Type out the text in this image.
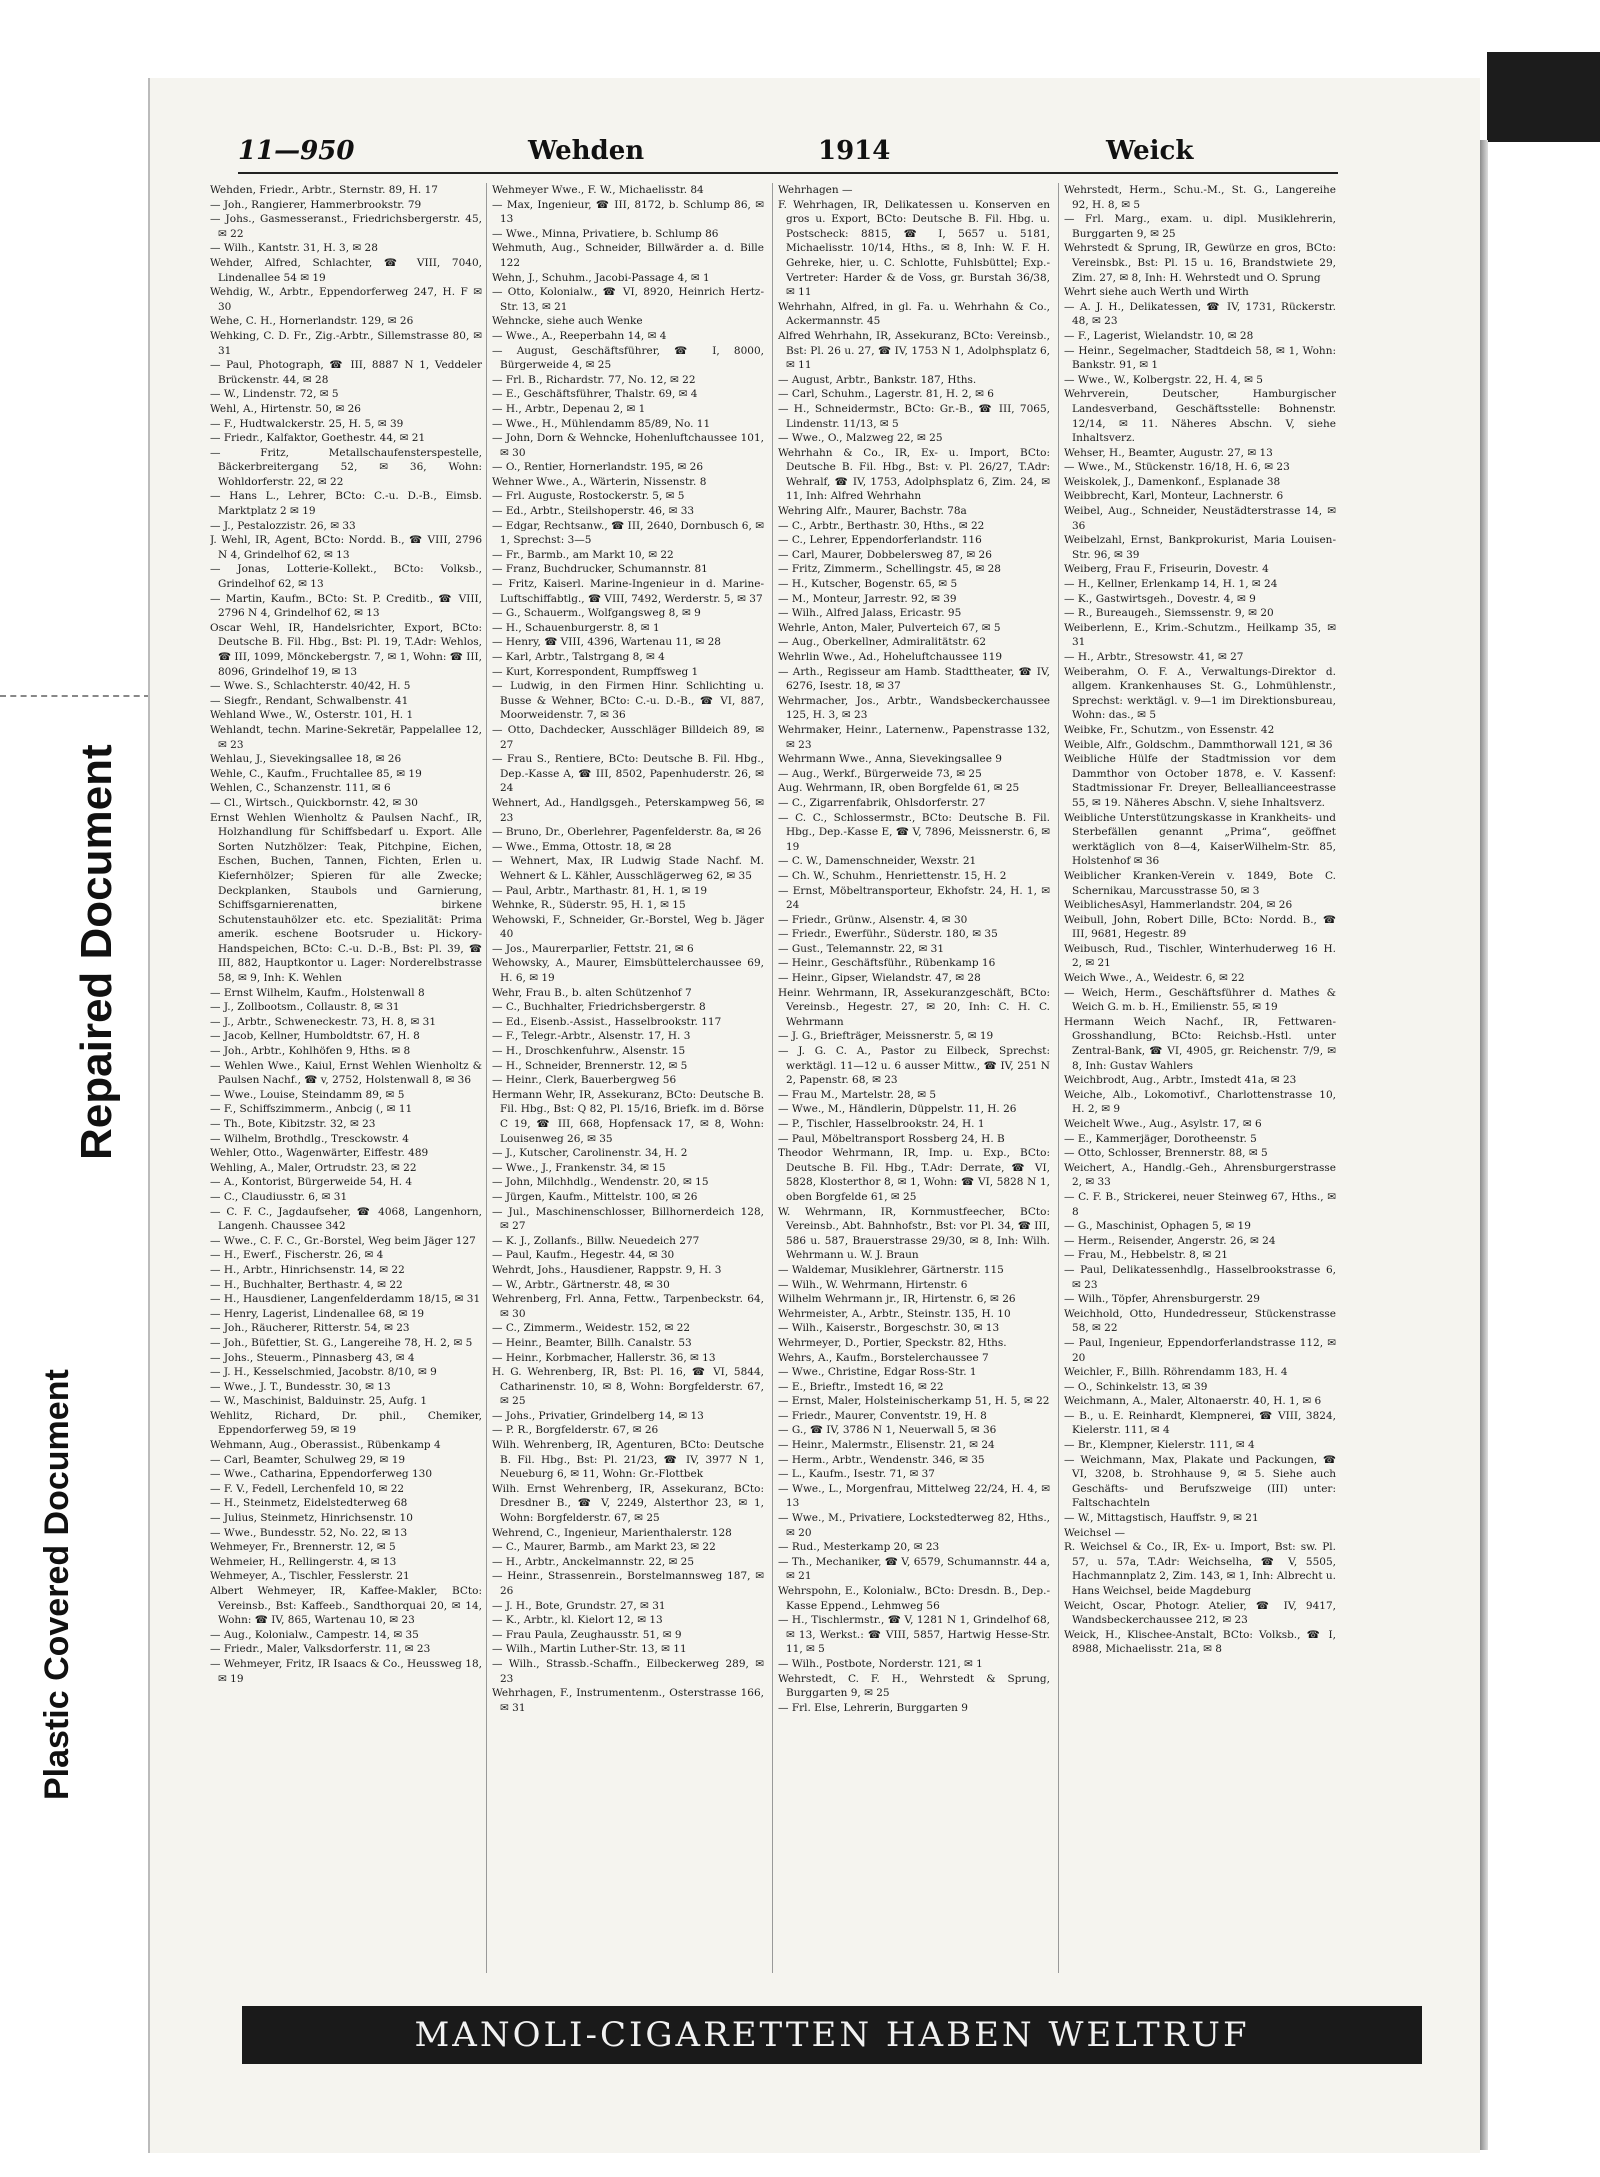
Repaired Document
Plastic Covered Document
11—950	Wehden	1914	Weick

Wehden, Friedr., Arbtr., Sternstr. 89, H. 17

— Joh., Rangierer, Hammerbrookstr. 79

— Johs., Gasmesseranst., Friedrichsbergerstr. 45, ✉ 22

— Wilh., Kantstr. 31, H. 3, ✉ 28

Wehder, Alfred, Schlachter, ☎ VIII, 7040, Lindenallee 54 ✉ 19

Wehdig, W., Arbtr., Eppendorferweg 247, H. F ✉ 30

Wehe, C. H., Hornerlandstr. 129, ✉ 26

Wehking, C. D. Fr., Zig.-Arbtr., Sillemstrasse 80, ✉ 31

— Paul, Photograph, ☎ III, 8887 N 1, Veddeler Brückenstr. 44, ✉ 28

— W., Lindenstr. 72, ✉ 5

Wehl, A., Hirtenstr. 50, ✉ 26

— F., Hudtwalckerstr. 25, H. 5, ✉ 39

— Friedr., Kalfaktor, Goethestr. 44, ✉ 21

— Fritz, Metallschaufensterspestelle, Bäckerbreitergang 52, ✉ 36, Wohn: Wohldorferstr. 22, ✉ 22

— Hans L., Lehrer, BCto: C.-u. D.-B., Eimsb. Marktplatz 2 ✉ 19

— J., Pestalozzistr. 26, ✉ 33

J. Wehl, IR, Agent, BCto: Nordd. B., ☎ VIII, 2796 N 4, Grindelhof 62, ✉ 13

— Jonas, Lotterie-Kollekt., BCto: Volksb., Grindelhof 62, ✉ 13

— Martin, Kaufm., BCto: St. P. Creditb., ☎ VIII, 2796 N 4, Grindelhof 62, ✉ 13

Oscar Wehl, IR, Handelsrichter, Export, BCto: Deutsche B. Fil. Hbg., Bst: Pl. 19, T.Adr: Wehlos, ☎ III, 1099, Mönckebergstr. 7, ✉ 1, Wohn: ☎ III, 8096, Grindelhof 19, ✉ 13

— Wwe. S., Schlachterstr. 40/42, H. 5

— Siegfr., Rendant, Schwalbenstr. 41

Wehland Wwe., W., Osterstr. 101, H. 1

Wehlandt, techn. Marine-Sekretär, Pappelallee 12, ✉ 23

Wehlau, J., Sievekingsallee 18, ✉ 26

Wehle, C., Kaufm., Fruchtallee 85, ✉ 19

Wehlen, C., Schanzenstr. 111, ✉ 6

— Cl., Wirtsch., Quickbornstr. 42, ✉ 30

Ernst Wehlen Wienholtz & Paulsen Nachf., IR, Holzhandlung für Schiffsbedarf u. Export. Alle Sorten Nutzhölzer: Teak, Pitchpine, Eichen, Eschen, Buchen, Tannen, Fichten, Erlen u. Kiefernhölzer; Spieren für alle Zwecke; Deckplanken, Staubols und Garnierung, Schiffsgarnierenatten, birkene Schutenstauhölzer etc. etc. Spezialität: Prima amerik. eschene Bootsruder u. Hickory-Handspeichen, BCto: C.-u. D.-B., Bst: Pl. 39, ☎ III, 882, Hauptkontor u. Lager: Norderelbstrasse 58, ✉ 9, Inh: K. Wehlen

— Ernst Wilhelm, Kaufm., Holstenwall 8

— J., Zollbootsm., Collaustr. 8, ✉ 31

— J., Arbtr., Schweneckestr. 73, H. 8, ✉ 31

— Jacob, Kellner, Humboldtstr. 67, H. 8

— Joh., Arbtr., Kohlhöfen 9, Hths. ✉ 8

— Wehlen Wwe., Kaiul, Ernst Wehlen Wienholtz & Paulsen Nachf., ☎ v, 2752, Holstenwall 8, ✉ 36

— Wwe., Louise, Steindamm 89, ✉ 5

— F., Schiffszimmerm., Anbcig (, ✉ 11

— Th., Bote, Kibitzstr. 32, ✉ 23

— Wilhelm, Brothdlg., Tresckowstr. 4

Wehler, Otto., Wagenwärter, Eiffestr. 489

Wehling, A., Maler, Ortrudstr. 23, ✉ 22

— A., Kontorist, Bürgerweide 54, H. 4

— C., Claudiusstr. 6, ✉ 31

— C. F. C., Jagdaufseher, ☎ 4068, Langenhorn, Langenh. Chaussee 342

— Wwe., C. F. C., Gr.-Borstel, Weg beim Jäger 127

— H., Ewerf., Fischerstr. 26, ✉ 4

— H., Arbtr., Hinrichsenstr. 14, ✉ 22

— H., Buchhalter, Berthastr. 4, ✉ 22

— H., Hausdiener, Langenfelderdamm 18/15, ✉ 31

— Henry, Lagerist, Lindenallee 68, ✉ 19

— Joh., Räucherer, Ritterstr. 54, ✉ 23

— Joh., Büfettier, St. G., Langereihe 78, H. 2, ✉ 5

— Johs., Steuerm., Pinnasberg 43, ✉ 4

— J. H., Kesselschmied, Jacobstr. 8/10, ✉ 9

— Wwe., J. T., Bundesstr. 30, ✉ 13

— W., Maschinist, Balduinstr. 25, Aufg. 1

Wehlitz, Richard, Dr. phil., Chemiker, Eppendorferweg 59, ✉ 19

Wehmann, Aug., Oberassist., Rübenkamp 4

— Carl, Beamter, Schulweg 29, ✉ 19

— Wwe., Catharina, Eppendorferweg 130

— F. V., Fedell, Lerchenfeld 10, ✉ 22

— H., Steinmetz, Eidelstedterweg 68

— Julius, Steinmetz, Hinrichsenstr. 10

— Wwe., Bundesstr. 52, No. 22, ✉ 13

Wehmeyer, Fr., Brennerstr. 12, ✉ 5

Wehmeier, H., Rellingerstr. 4, ✉ 13

Wehmeyer, A., Tischler, Fesslerstr. 21

Albert Wehmeyer, IR, Kaffee-Makler, BCto: Vereinsb., Bst: Kaffeeb., Sandthorquai 20, ✉ 14, Wohn: ☎ IV, 865, Wartenau 10, ✉ 23

— Aug., Kolonialw., Campestr. 14, ✉ 35

— Friedr., Maler, Valksdorferstr. 11, ✉ 23

— Wehmeyer, Fritz, IR Isaacs & Co., Heussweg 18, ✉ 19

Wehmeyer Wwe., F. W., Michaelisstr. 84

— Max, Ingenieur, ☎ III, 8172, b. Schlump 86, ✉ 13

— Wwe., Minna, Privatiere, b. Schlump 86

Wehmuth, Aug., Schneider, Billwärder a. d. Bille 122

Wehn, J., Schuhm., Jacobi-Passage 4, ✉ 1

— Otto, Kolonialw., ☎ VI, 8920, Heinrich Hertz-Str. 13, ✉ 21

Wehncke, siehe auch Wenke

— Wwe., A., Reeperbahn 14, ✉ 4

— August, Geschäftsführer, ☎ I, 8000, Bürgerweide 4, ✉ 25

— Frl. B., Richardstr. 77, No. 12, ✉ 22

— E., Geschäftsführer, Thalstr. 69, ✉ 4

— H., Arbtr., Depenau 2, ✉ 1

— Wwe., H., Mühlendamm 85/89, No. 11

— John, Dorn & Wehncke, Hohenluftchaussee 101, ✉ 30

— O., Rentier, Hornerlandstr. 195, ✉ 26

Wehner Wwe., A., Wärterin, Nissenstr. 8

— Frl. Auguste, Rostockerstr. 5, ✉ 5

— Ed., Arbtr., Steilshoperstr. 46, ✉ 33

— Edgar, Rechtsanw., ☎ III, 2640, Dornbusch 6, ✉ 1, Sprechst: 3—5

— Fr., Barmb., am Markt 10, ✉ 22

— Franz, Buchdrucker, Schumannstr. 81

— Fritz, Kaiserl. Marine-Ingenieur in d. Marine-Luftschiffabtlg., ☎ VIII, 7492, Werderstr. 5, ✉ 37

— G., Schauerm., Wolfgangsweg 8, ✉ 9

— H., Schauenburgerstr. 8, ✉ 1

— Henry, ☎ VIII, 4396, Wartenau 11, ✉ 28

— Karl, Arbtr., Talstrgang 8, ✉ 4

— Kurt, Korrespondent, Rumpffsweg 1

— Ludwig, in den Firmen Hinr. Schlichting u. Busse & Wehner, BCto: C.-u. D.-B., ☎ VI, 887, Moorweidenstr. 7, ✉ 36

— Otto, Dachdecker, Ausschläger Billdeich 89, ✉ 27

— Frau S., Rentiere, BCto: Deutsche B. Fil. Hbg., Dep.-Kasse A, ☎ III, 8502, Papenhuderstr. 26, ✉ 24

Wehnert, Ad., Handlgsgeh., Peterskampweg 56, ✉ 23

— Bruno, Dr., Oberlehrer, Pagenfelderstr. 8a, ✉ 26

— Wwe., Emma, Ottostr. 18, ✉ 28

— Wehnert, Max, IR Ludwig Stade Nachf. M. Wehnert & L. Kähler, Ausschlägerweg 62, ✉ 35

— Paul, Arbtr., Marthastr. 81, H. 1, ✉ 19

Wehnke, R., Süderstr. 95, H. 1, ✉ 15

Wehowski, F., Schneider, Gr.-Borstel, Weg b. Jäger 40

— Jos., Maurerparlier, Fettstr. 21, ✉ 6

Wehowsky, A., Maurer, Eimsbüttelerchaussee 69, H. 6, ✉ 19

Wehr, Frau B., b. alten Schützenhof 7

— C., Buchhalter, Friedrichsbergerstr. 8

— Ed., Eisenb.-Assist., Hasselbrookstr. 117

— F., Telegr.-Arbtr., Alsenstr. 17, H. 3

— H., Droschkenfuhrw., Alsenstr. 15

— H., Schneider, Brennerstr. 12, ✉ 5

— Heinr., Clerk, Bauerbergweg 56

Hermann Wehr, IR, Assekuranz, BCto: Deutsche B. Fil. Hbg., Bst: Q 82, Pl. 15/16, Briefk. im d. Börse C 19, ☎ III, 668, Hopfensack 17, ✉ 8, Wohn: Louisenweg 26, ✉ 35

— J., Kutscher, Carolinenstr. 34, H. 2

— Wwe., J., Frankenstr. 34, ✉ 15

— John, Milchhdlg., Wendenstr. 20, ✉ 15

— Jürgen, Kaufm., Mittelstr. 100, ✉ 26

— Jul., Maschinenschlosser, Billhornerdeich 128, ✉ 27

— K. J., Zollanfs., Billw. Neuedeich 277

— Paul, Kaufm., Hegestr. 44, ✉ 30

Wehrdt, Johs., Hausdiener, Rappstr. 9, H. 3

— W., Arbtr., Gärtnerstr. 48, ✉ 30

Wehrenberg, Frl. Anna, Fettw., Tarpenbeckstr. 64, ✉ 30

— C., Zimmerm., Weidestr. 152, ✉ 22

— Heinr., Beamter, Billh. Canalstr. 53

— Heinr., Korbmacher, Hallerstr. 36, ✉ 13

H. G. Wehrenberg, IR, Bst: Pl. 16, ☎ VI, 5844, Catharinenstr. 10, ✉ 8, Wohn: Borgfelderstr. 67, ✉ 25

— Johs., Privatier, Grindelberg 14, ✉ 13

— P. R., Borgfelderstr. 67, ✉ 26

Wilh. Wehrenberg, IR, Agenturen, BCto: Deutsche B. Fil. Hbg., Bst: Pl. 21/23, ☎ IV, 3977 N 1, Neueburg 6, ✉ 11, Wohn: Gr.-Flottbek

Wilh. Ernst Wehrenberg, IR, Assekuranz, BCto: Dresdner B., ☎ V, 2249, Alsterthor 23, ✉ 1, Wohn: Borgfelderstr. 67, ✉ 25

Wehrend, C., Ingenieur, Marienthalerstr. 128

— C., Maurer, Barmb., am Markt 23, ✉ 22

— H., Arbtr., Anckelmannstr. 22, ✉ 25

— Heinr., Strassenrein., Borstelmannsweg 187, ✉ 26

— J. H., Bote, Grundstr. 27, ✉ 31

— K., Arbtr., kl. Kielort 12, ✉ 13

— Frau Paula, Zeughausstr. 51, ✉ 9

— Wilh., Martin Luther-Str. 13, ✉ 11

— Wilh., Strassb.-Schaffn., Eilbeckerweg 289, ✉ 23

Wehrhagen, F., Instrumentenm., Osterstrasse 166, ✉ 31

Wehrhagen —

F. Wehrhagen, IR, Delikatessen u. Konserven en gros u. Export, BCto: Deutsche B. Fil. Hbg. u. Postscheck: 8815, ☎ I, 5657 u. 5181, Michaelisstr. 10/14, Hths., ✉ 8, Inh: W. F. H. Gehreke, hier, u. C. Schlotte, Fuhlsbüttel; Exp.-Vertreter: Harder & de Voss, gr. Burstah 36/38, ✉ 11

Wehrhahn, Alfred, in gl. Fa. u. Wehrhahn & Co., Ackermannstr. 45

Alfred Wehrhahn, IR, Assekuranz, BCto: Vereinsb., Bst: Pl. 26 u. 27, ☎ IV, 1753 N 1, Adolphsplatz 6, ✉ 11

— August, Arbtr., Bankstr. 187, Hths.

— Carl, Schuhm., Lagerstr. 81, H. 2, ✉ 6

— H., Schneidermstr., BCto: Gr.-B., ☎ III, 7065, Lindenstr. 11/13, ✉ 5

— Wwe., O., Malzweg 22, ✉ 25

Wehrhahn & Co., IR, Ex- u. Import, BCto: Deutsche B. Fil. Hbg., Bst: v. Pl. 26/27, T.Adr: Wehralf, ☎ IV, 1753, Adolphsplatz 6, Zim. 24, ✉ 11, Inh: Alfred Wehrhahn

Wehring Alfr., Maurer, Bachstr. 78a

— C., Arbtr., Berthastr. 30, Hths., ✉ 22

— C., Lehrer, Eppendorferlandstr. 116

— Carl, Maurer, Dobbelersweg 87, ✉ 26

— Fritz, Zimmerm., Schellingstr. 45, ✉ 28

— H., Kutscher, Bogenstr. 65, ✉ 5

— M., Monteur, Jarrestr. 92, ✉ 39

— Wilh., Alfred Jalass, Ericastr. 95

Wehrle, Anton, Maler, Pulverteich 67, ✉ 5

— Aug., Oberkellner, Admiralitätstr. 62

Wehrlin Wwe., Ad., Hoheluftchaussee 119

— Arth., Regisseur am Hamb. Stadttheater, ☎ IV, 6276, Isestr. 18, ✉ 37

Wehrmacher, Jos., Arbtr., Wandsbeckerchaussee 125, H. 3, ✉ 23

Wehrmaker, Heinr., Laternenw., Papenstrasse 132, ✉ 23

Wehrmann Wwe., Anna, Sievekingsallee 9

— Aug., Werkf., Bürgerweide 73, ✉ 25

Aug. Wehrmann, IR, oben Borgfelde 61, ✉ 25

— C., Zigarrenfabrik, Ohlsdorferstr. 27

— C. C., Schlossermstr., BCto: Deutsche B. Fil. Hbg., Dep.-Kasse E, ☎ V, 7896, Meissnerstr. 6, ✉ 19

— C. W., Damenschneider, Wexstr. 21

— Ch. W., Schuhm., Henriettenstr. 15, H. 2

— Ernst, Möbeltransporteur, Ekhofstr. 24, H. 1, ✉ 24

— Friedr., Grünw., Alsenstr. 4, ✉ 30

— Friedr., Ewerführ., Süderstr. 180, ✉ 35

— Gust., Telemannstr. 22, ✉ 31

— Heinr., Geschäftsführ., Rübenkamp 16

— Heinr., Gipser, Wielandstr. 47, ✉ 28

Heinr. Wehrmann, IR, Assekuranzgeschäft, BCto: Vereinsb., Hegestr. 27, ✉ 20, Inh: C. H. C. Wehrmann

— J. G., Briefträger, Meissnerstr. 5, ✉ 19

— J. G. C. A., Pastor zu Eilbeck, Sprechst: werktägl. 11—12 u. 6 ausser Mittw., ☎ IV, 251 N 2, Papenstr. 68, ✉ 23

— Frau M., Martelstr. 28, ✉ 5

— Wwe., M., Händlerin, Düppelstr. 11, H. 26

— P., Tischler, Hasselbrookstr. 24, H. 1

— Paul, Möbeltransport Rossberg 24, H. B

Theodor Wehrmann, IR, Imp. u. Exp., BCto: Deutsche B. Fil. Hbg., T.Adr: Derrate, ☎ VI, 5828, Klosterthor 8, ✉ 1, Wohn: ☎ VI, 5828 N 1, oben Borgfelde 61, ✉ 25

W. Wehrmann, IR, Kornmustfeecher, BCto: Vereinsb., Abt. Bahnhofstr., Bst: vor Pl. 34, ☎ III, 586 u. 587, Brauerstrasse 29/30, ✉ 8, Inh: Wilh. Wehrmann u. W. J. Braun

— Waldemar, Musiklehrer, Gärtnerstr. 115

— Wilh., W. Wehrmann, Hirtenstr. 6

Wilhelm Wehrmann jr., IR, Hirtenstr. 6, ✉ 26

Wehrmeister, A., Arbtr., Steinstr. 135, H. 10

— Wilh., Kaiserstr., Borgeschstr. 30, ✉ 13

Wehrmeyer, D., Portier, Speckstr. 82, Hths.

Wehrs, A., Kaufm., Borstelerchaussee 7

— Wwe., Christine, Edgar Ross-Str. 1

— E., Brieftr., Imstedt 16, ✉ 22

— Ernst, Maler, Holsteinischerkamp 51, H. 5, ✉ 22

— Friedr., Maurer, Conventstr. 19, H. 8

— G., ☎ IV, 3786 N 1, Neuerwall 5, ✉ 36

— Heinr., Malermstr., Elisenstr. 21, ✉ 24

— Herm., Arbtr., Wendenstr. 346, ✉ 35

— L., Kaufm., Isestr. 71, ✉ 37

— Wwe., L., Morgenfrau, Mittelweg 22/24, H. 4, ✉ 13

— Wwe., M., Privatiere, Lockstedterweg 82, Hths., ✉ 20

— Rud., Mesterkamp 20, ✉ 23

— Th., Mechaniker, ☎ V, 6579, Schumannstr. 44 a, ✉ 21

Wehrspohn, E., Kolonialw., BCto: Dresdn. B., Dep.-Kasse Eppend., Lehmweg 56

— H., Tischlermstr., ☎ V, 1281 N 1, Grindelhof 68, ✉ 13, Werkst.: ☎ VIII, 5857, Hartwig Hesse-Str. 11, ✉ 5

— Wilh., Postbote, Norderstr. 121, ✉ 1

Wehrstedt, C. F. H., Wehrstedt & Sprung, Burggarten 9, ✉ 25

— Frl. Else, Lehrerin, Burggarten 9

Wehrstedt, Herm., Schu.-M., St. G., Langereihe 92, H. 8, ✉ 5

— Frl. Marg., exam. u. dipl. Musiklehrerin, Burggarten 9, ✉ 25

Wehrstedt & Sprung, IR, Gewürze en gros, BCto: Vereinsbk., Bst: Pl. 15 u. 16, Brandstwiete 29, Zim. 27, ✉ 8, Inh: H. Wehrstedt und O. Sprung

Wehrt siehe auch Werth und Wirth

— A. J. H., Delikatessen, ☎ IV, 1731, Rückerstr. 48, ✉ 23

— F., Lagerist, Wielandstr. 10, ✉ 28

— Heinr., Segelmacher, Stadtdeich 58, ✉ 1, Wohn: Bankstr. 91, ✉ 1

— Wwe., W., Kolbergstr. 22, H. 4, ✉ 5

Wehrverein, Deutscher, Hamburgischer Landesverband, Geschäftsstelle: Bohnenstr. 12/14, ✉ 11. Näheres Abschn. V, siehe Inhaltsverz.

Wehser, H., Beamter, Augustr. 27, ✉ 13

— Wwe., M., Stückenstr. 16/18, H. 6, ✉ 23

Weiskolek, J., Damenkonf., Esplanade 38

Weibbrecht, Karl, Monteur, Lachnerstr. 6

Weibel, Aug., Schneider, Neustädterstrasse 14, ✉ 36

Weibelzahl, Ernst, Bankprokurist, Maria Louisen-Str. 96, ✉ 39

Weiberg, Frau F., Friseurin, Dovestr. 4

— H., Kellner, Erlenkamp 14, H. 1, ✉ 24

— K., Gastwirtsgeh., Dovestr. 4, ✉ 9

— R., Bureaugeh., Siemssenstr. 9, ✉ 20

Weiberlenn, E., Krim.-Schutzm., Heilkamp 35, ✉ 31

— H., Arbtr., Stresowstr. 41, ✉ 27

Weiberahm, O. F. A., Verwaltungs-Direktor d. allgem. Krankenhauses St. G., Lohmühlenstr., Sprechst: werktägl. v. 9—1 im Direktionsbureau, Wohn: das., ✉ 5

Weibke, Fr., Schutzm., von Essenstr. 42

Weible, Alfr., Goldschm., Dammthorwall 121, ✉ 36

Weibliche Hülfe der Stadtmission vor dem Dammthor von October 1878, e. V. Kassenf: Stadtmissionar Fr. Dreyer, Belleallianceestrasse 55, ✉ 19. Näheres Abschn. V, siehe Inhaltsverz.

Weibliche Unterstützungskasse in Krankheits- und Sterbefällen genannt „Prima“, geöffnet werktäglich von 8—4, KaiserWilhelm-Str. 85, Holstenhof ✉ 36

Weiblicher Kranken-Verein v. 1849, Bote C. Schernikau, Marcusstrasse 50, ✉ 3

WeiblichesAsyl, Hammerlandstr. 204, ✉ 26

Weibull, John, Robert Dille, BCto: Nordd. B., ☎ III, 9681, Hegestr. 89

Weibusch, Rud., Tischler, Winterhuderweg 16 H. 2, ✉ 21

Weich Wwe., A., Weidestr. 6, ✉ 22

— Weich, Herm., Geschäftsführer d. Mathes & Weich G. m. b. H., Emilienstr. 55, ✉ 19

Hermann Weich Nachf., IR, Fettwaren-Grosshandlung, BCto: Reichsb.-Hstl. unter Zentral-Bank, ☎ VI, 4905, gr. Reichenstr. 7/9, ✉ 8, Inh: Gustav Wahlers

Weichbrodt, Aug., Arbtr., Imstedt 41a, ✉ 23

Weiche, Alb., Lokomotivf., Charlottenstrasse 10, H. 2, ✉ 9

Weichelt Wwe., Aug., Asylstr. 17, ✉ 6

— E., Kammerjäger, Dorotheenstr. 5

— Otto, Schlosser, Brennerstr. 88, ✉ 5

Weichert, A., Handlg.-Geh., Ahrensburgerstrasse 2, ✉ 33

— C. F. B., Strickerei, neuer Steinweg 67, Hths., ✉ 8

— G., Maschinist, Ophagen 5, ✉ 19

— Herm., Reisender, Angerstr. 26, ✉ 24

— Frau, M., Hebbelstr. 8, ✉ 21

— Paul, Delikatessenhdlg., Hasselbrookstrasse 6, ✉ 23

— Wilh., Töpfer, Ahrensburgerstr. 29

Weichhold, Otto, Hundedresseur, Stückenstrasse 58, ✉ 22

— Paul, Ingenieur, Eppendorferlandstrasse 112, ✉ 20

Weichler, F., Billh. Röhrendamm 183, H. 4

— O., Schinkelstr. 13, ✉ 39

Weichmann, A., Maler, Altonaerstr. 40, H. 1, ✉ 6

— B., u. E. Reinhardt, Klempnerei, ☎ VIII, 3824, Kielerstr. 111, ✉ 4

— Br., Klempner, Kielerstr. 111, ✉ 4

— Weichmann, Max, Plakate und Packungen, ☎ VI, 3208, b. Strohhause 9, ✉ 5. Siehe auch Geschäfts- und Berufszweige (III) unter: Faltschachteln

— W., Mittagstisch, Hauffstr. 9, ✉ 21

Weichsel —

R. Weichsel & Co., IR, Ex- u. Import, Bst: sw. Pl. 57, u. 57a, T.Adr: Weichselha, ☎ V, 5505, Hachmannplatz 2, Zim. 143, ✉ 1, Inh: Albrecht u. Hans Weichsel, beide Magdeburg

Weicht, Oscar, Photogr. Atelier, ☎ IV, 9417, Wandsbeckerchaussee 212, ✉ 23

Weick, H., Klischee-Anstalt, BCto: Volksb., ☎ I, 8988, Michaelisstr. 21a, ✉ 8

MANOLI-CIGARETTEN HABEN WELTRUF
